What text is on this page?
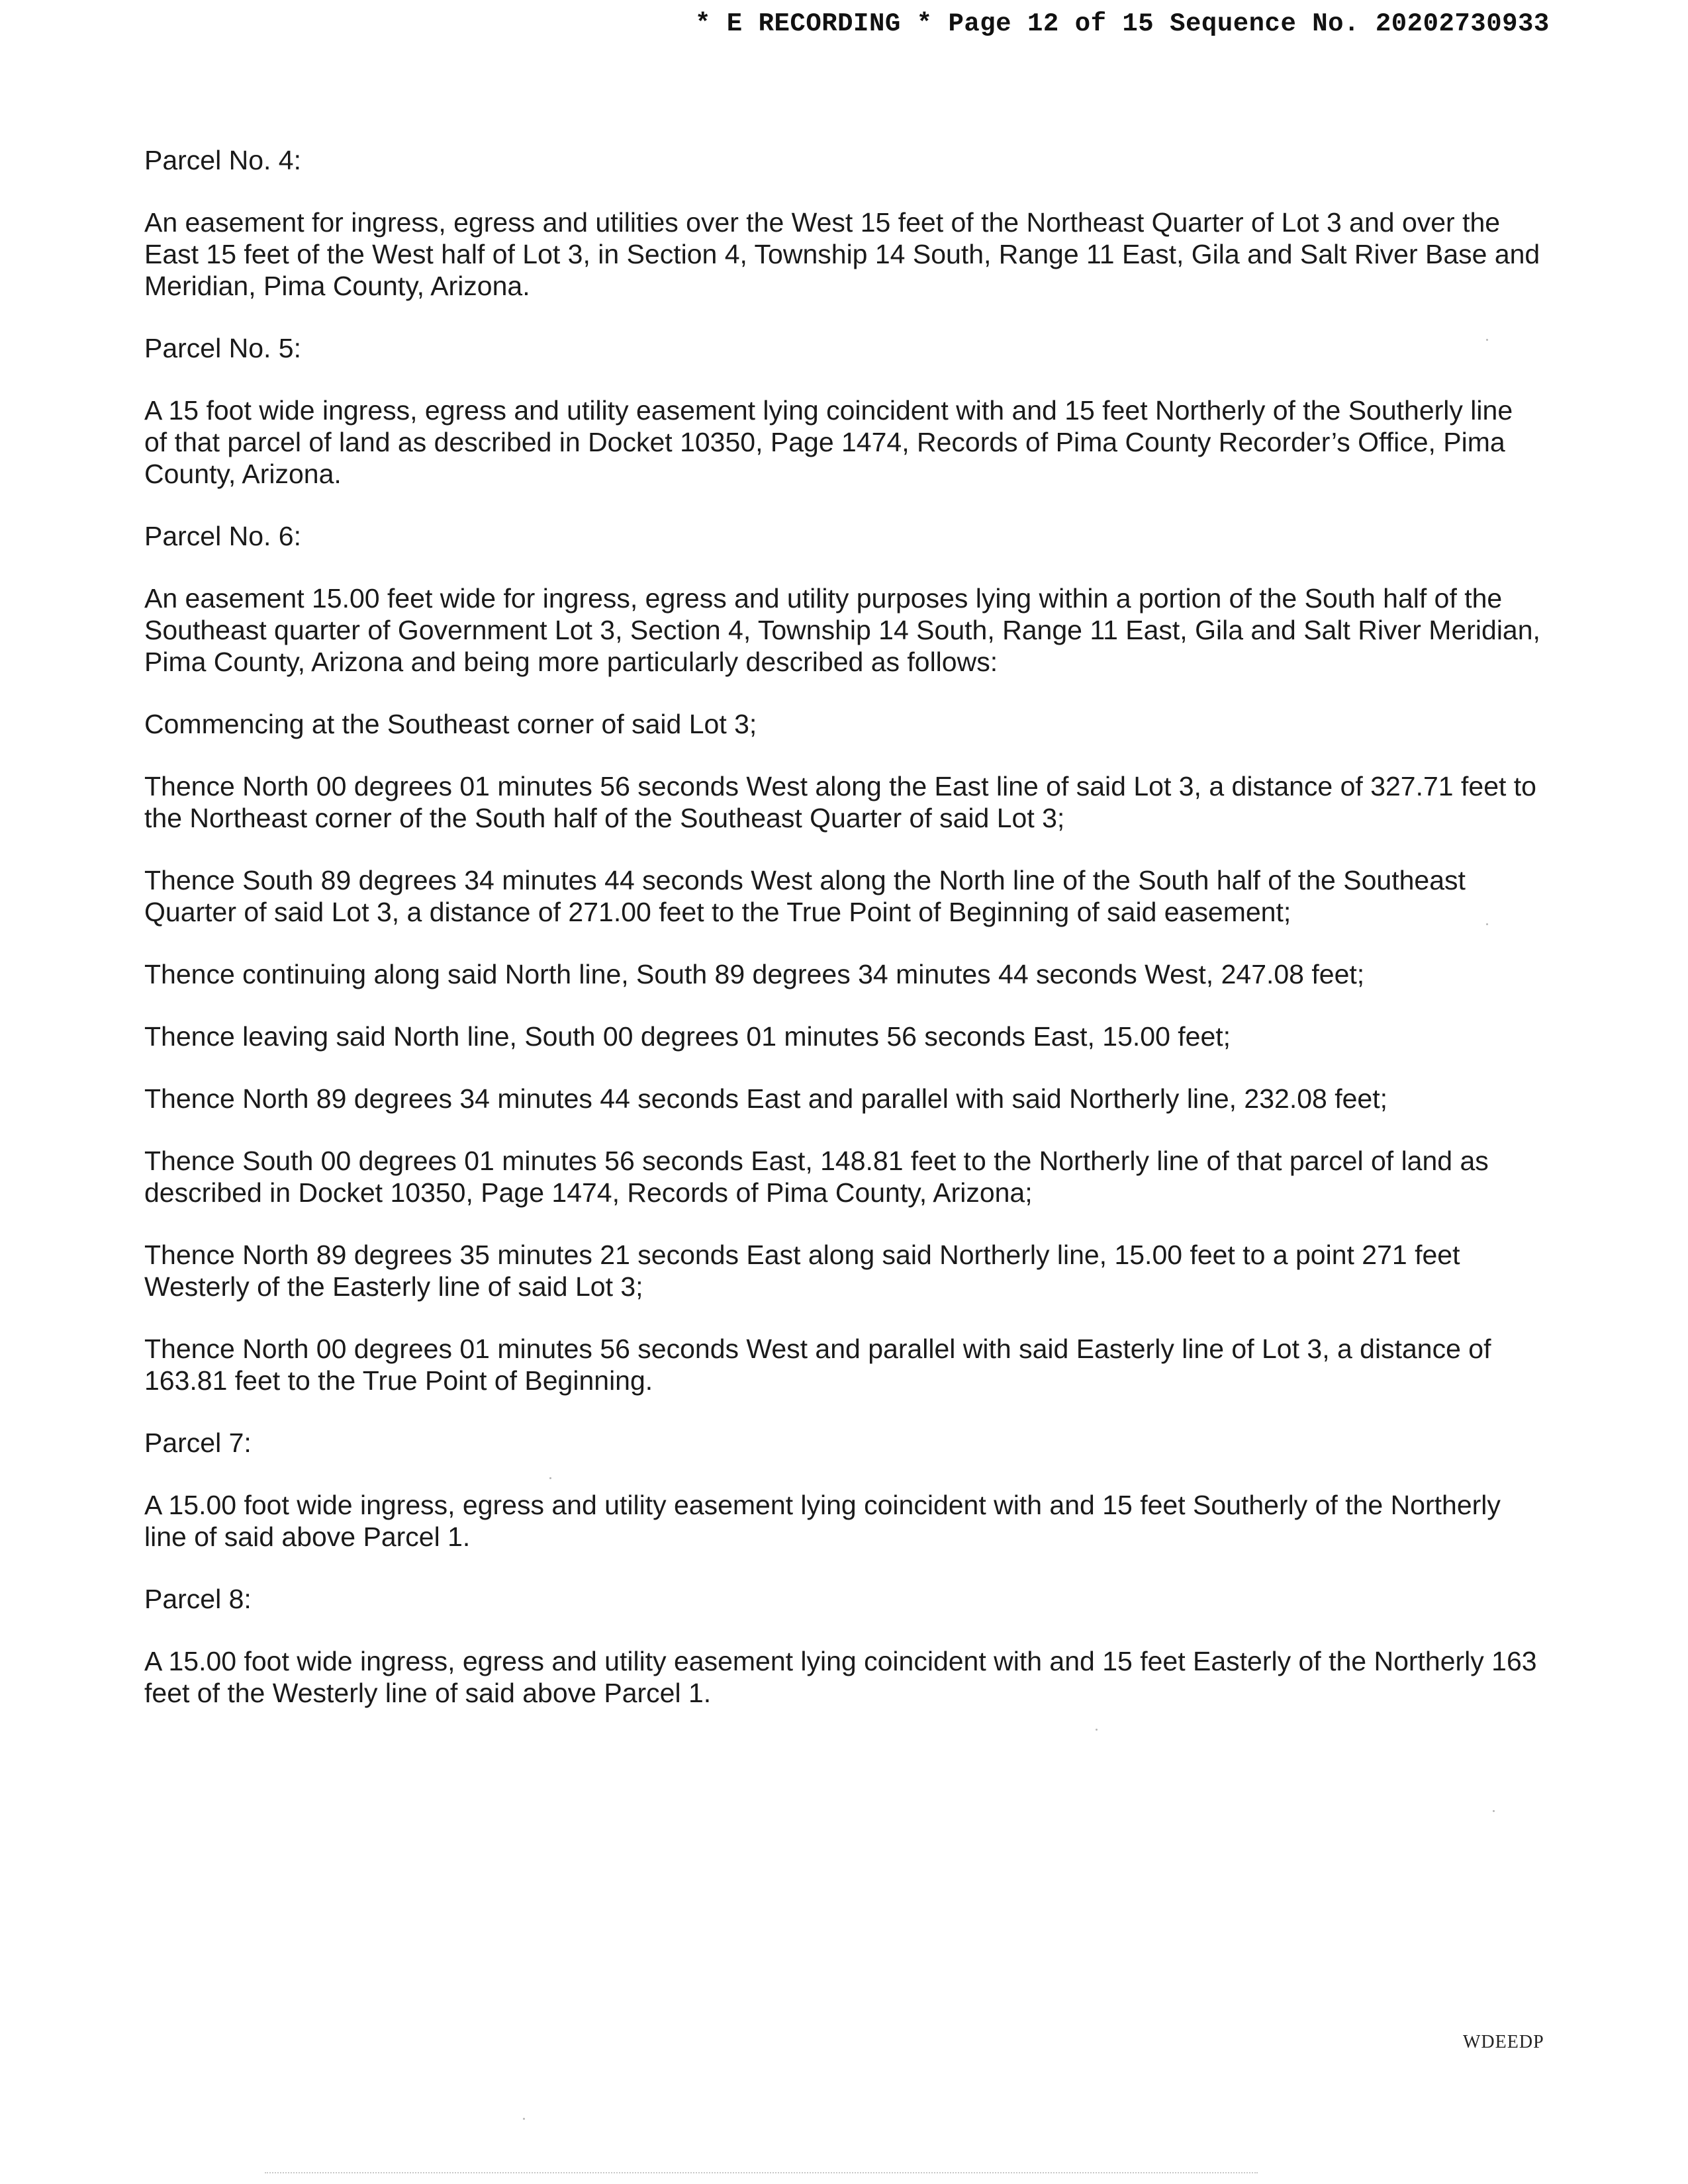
* E RECORDING * Page 12 of 15 Sequence No. 20202730933

Parcel No. 4:

An easement for ingress, egress and utilities over the West 15 feet of the Northeast Quarter of Lot 3 and over the East 15 feet of the West half of Lot 3, in Section 4, Township 14 South, Range 11 East, Gila and Salt River Base and Meridian, Pima County, Arizona.

Parcel No. 5:

A 15 foot wide ingress, egress and utility easement lying coincident with and 15 feet Northerly of the Southerly line of that parcel of land as described in Docket 10350, Page 1474, Records of Pima County Recorder’s Office, Pima County, Arizona.

Parcel No. 6:

An easement 15.00 feet wide for ingress, egress and utility purposes lying within a portion of the South half of the Southeast quarter of Government Lot 3, Section 4, Township 14 South, Range 11 East, Gila and Salt River Meridian, Pima County, Arizona and being more particularly described as follows:

Commencing at the Southeast corner of said Lot 3;

Thence North 00 degrees 01 minutes 56 seconds West along the East line of said Lot 3, a distance of 327.71 feet to the Northeast corner of the South half of the Southeast Quarter of said Lot 3;

Thence South 89 degrees 34 minutes 44 seconds West along the North line of the South half of the Southeast Quarter of said Lot 3, a distance of 271.00 feet to the True Point of Beginning of said easement;

Thence continuing along said North line, South 89 degrees 34 minutes 44 seconds West, 247.08 feet;

Thence leaving said North line, South 00 degrees 01 minutes 56 seconds East, 15.00 feet;

Thence North 89 degrees 34 minutes 44 seconds East and parallel with said Northerly line, 232.08 feet;

Thence South 00 degrees 01 minutes 56 seconds East, 148.81 feet to the Northerly line of that parcel of land as described in Docket 10350, Page 1474, Records of Pima County, Arizona;

Thence North 89 degrees 35 minutes 21 seconds East along said Northerly line, 15.00 feet to a point 271 feet Westerly of the Easterly line of said Lot 3;

Thence North 00 degrees 01 minutes 56 seconds West and parallel with said Easterly line of Lot 3, a distance of 163.81 feet to the True Point of Beginning.

Parcel 7:

A 15.00 foot wide ingress, egress and utility easement lying coincident with and 15 feet Southerly of the Northerly line of said above Parcel 1.

Parcel 8:

A 15.00 foot wide ingress, egress and utility easement lying coincident with and 15 feet Easterly of the Northerly 163 feet of the Westerly line of said above Parcel 1.

WDEEDP
